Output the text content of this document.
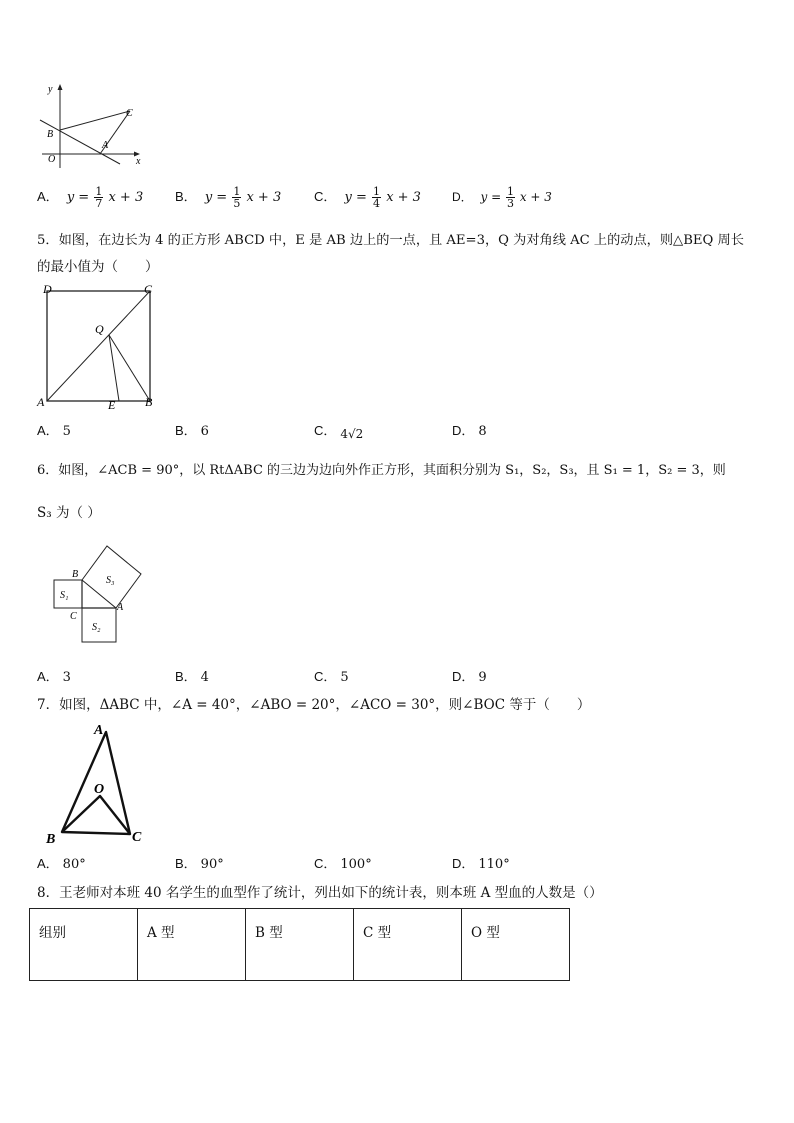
y
x
O
B
A
C
A． $y = \frac{1}{7}$ x + 3 B． $y = \frac{1}{5}$ x + 3	C． $y = \frac{1}{4}$ x + 3	D． $y = \frac{1}{3}$ x + 3
5．如图，在边长为 4 的正方形 ABCD 中，E 是 AB 边上的一点，且 AE=3，Q 为对角线 AC 上的动点，则△BEQ 周长
的最小值为（　　）
D	C
Q
A	E B
A． 5	B． 6	C． 4√2	D． 8
6．如图，∠ACB = 90°，以 RtΔABC 的三边为边向外作正方形，其面积分别为 S₁，S₂，S₃，且 S₁ = 1，S₂ = 3，则
S₃ 为（ ）
B
A
C
S₁
S₂
S₃
A． 3	B． 4	C． 5	D． 9
7．如图，ΔABC 中，∠A = 40°，∠ABO = 20°，∠ACO = 30°，则∠BOC 等于（　　）
A
O
B	C
A． 80°	B． 90°	C． 100°	D． 110°
8．王老师对本班 40 名学生的血型作了统计，列出如下的统计表，则本班 A 型血的人数是（）
组别	A 型	B 型	C 型	O 型
